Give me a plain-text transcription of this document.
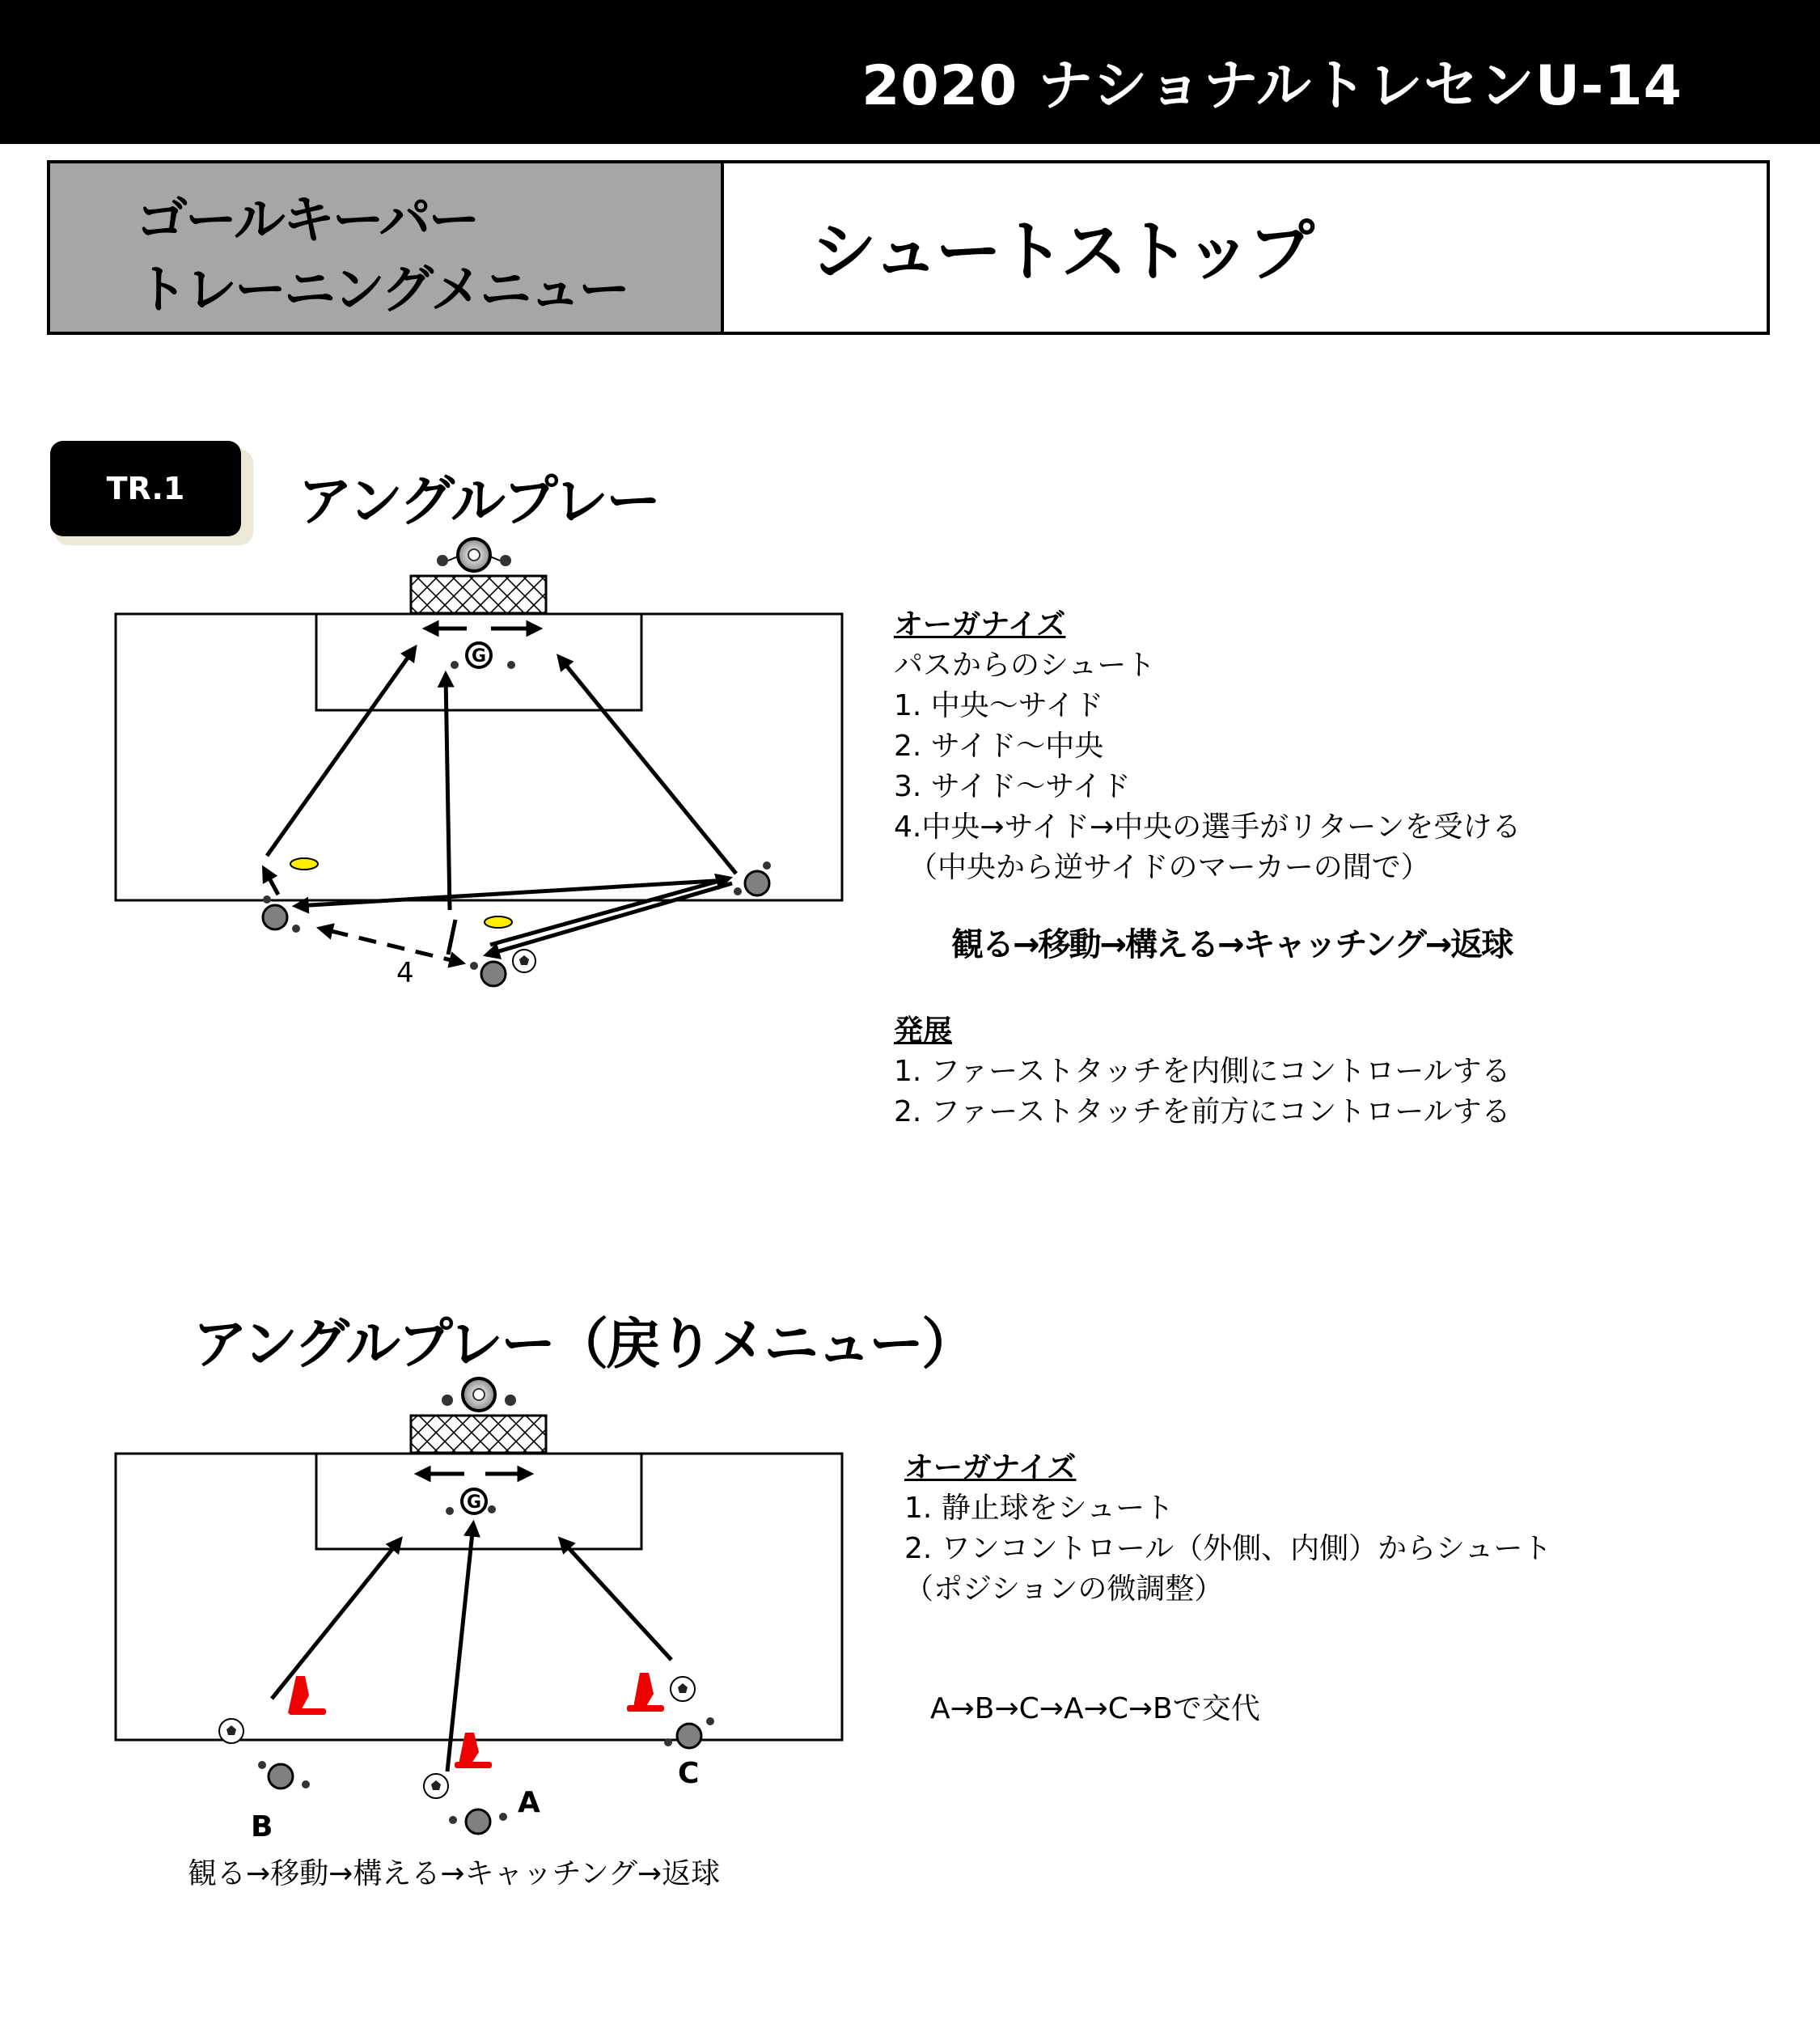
2020 ナショナルトレセンU-14
ゴールキーパー
トレーニングメニュー	シュートストップ
TR.1	アングルプレー
G
4
オーガナイズ
パスからのシュート
1. 中央～サイド
2. サイド～中央
3. サイド～サイド
4.中央→サイド→中央の選手がリターンを受ける
　（中央から逆サイドのマーカーの間で）
観る→移動→構える→キャッチング→返球
発展
1. ファーストタッチを内側にコントロールする
2. ファーストタッチを前方にコントロールする
アングルプレー（戻りメニュー）
G
A
B
C
観る→移動→構える→キャッチング→返球
オーガナイズ
1. 静止球をシュート
2. ワンコントロール（外側、内側）からシュート
（ポジションの微調整）
A→B→C→A→C→Bで交代
